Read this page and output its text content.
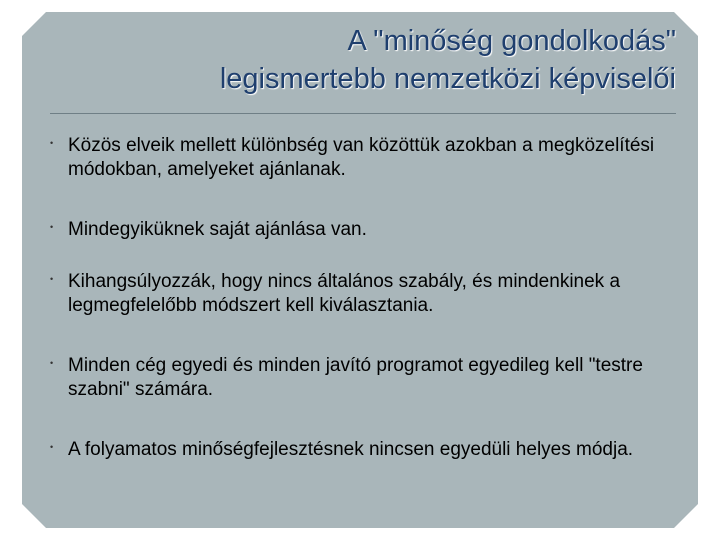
A "minőség gondolkodás"
legismertebb nemzetközi képviselői
• Közös elveik mellett különbség van közöttük azokban a megközelítési módokban, amelyeket ajánlanak.
• Mindegyiküknek saját ajánlása van.
• Kihangsúlyozzák, hogy nincs általános szabály, és mindenkinek a legmegfelelőbb módszert kell kiválasztania.
• Minden cég egyedi és minden javító programot egyedileg kell "testre szabni" számára.
• A folyamatos minőségfejlesztésnek nincsen egyedüli helyes módja.
